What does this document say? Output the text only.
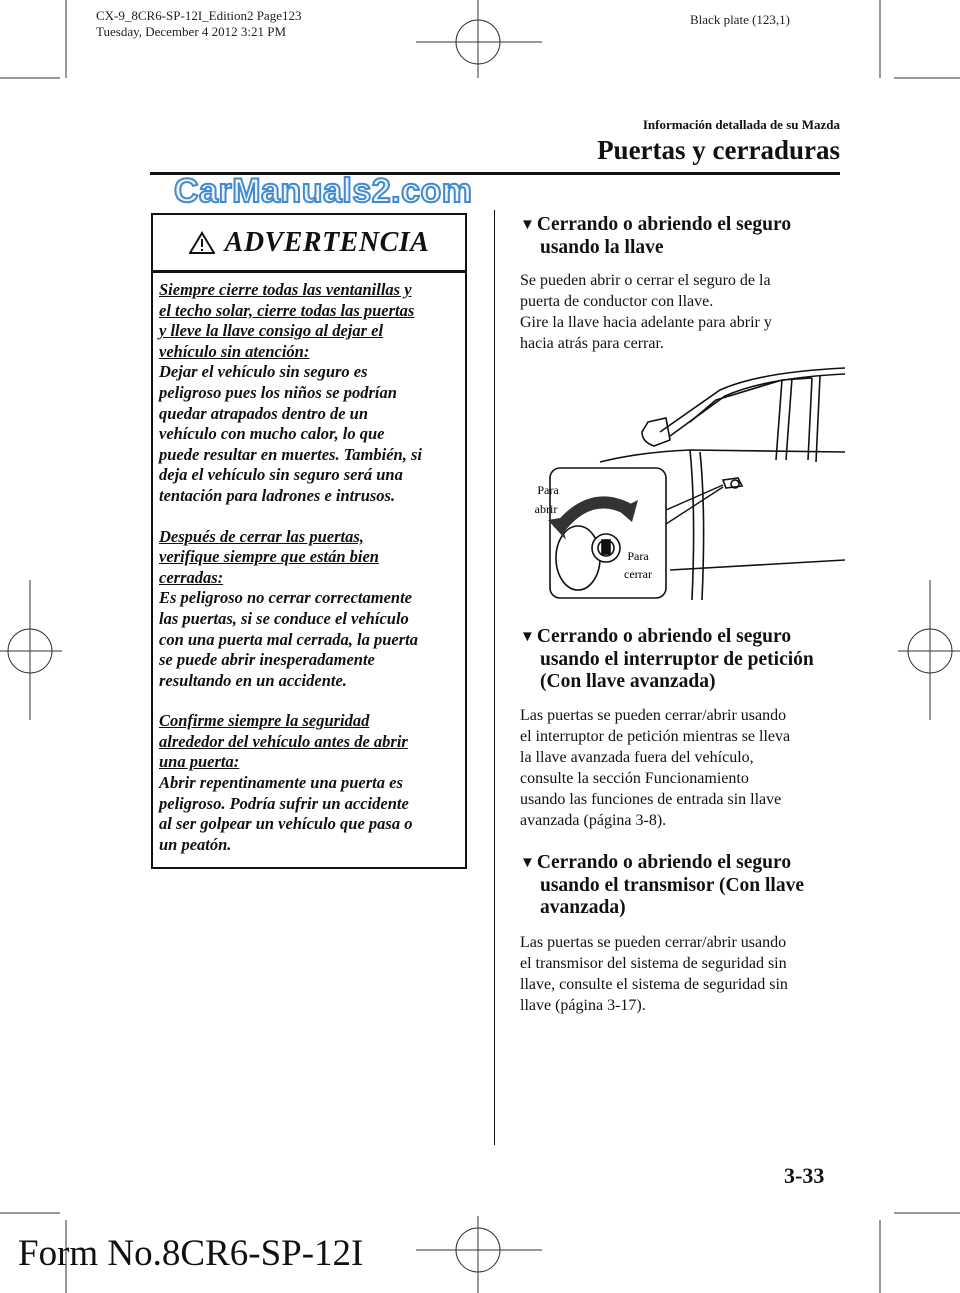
CX-9_8CR6-SP-12I_Edition2 Page123
Tuesday, December 4 2012 3:21 PM
Black plate (123,1)
Información detallada de su Mazda
Puertas y cerraduras
CarManuals2.com
ADVERTENCIA
Siempre cierre todas las ventanillas y
el techo solar, cierre todas las puertas
y lleve la llave consigo al dejar el
vehículo sin atención:
Dejar el vehículo sin seguro es
peligroso pues los niños se podrían
quedar atrapados dentro de un
vehículo con mucho calor, lo que
puede resultar en muertes. También, si
deja el vehículo sin seguro será una
tentación para ladrones e intrusos.
Después de cerrar las puertas,
verifique siempre que están bien
cerradas:
Es peligroso no cerrar correctamente
las puertas, si se conduce el vehículo
con una puerta mal cerrada, la puerta
se puede abrir inesperadamente
resultando en un accidente.
Confirme siempre la seguridad
alrededor del vehículo antes de abrir
una puerta:
Abrir repentinamente una puerta es
peligroso. Podría sufrir un accidente
al ser golpear un vehículo que pasa o
un peatón.
▼ Cerrando o abriendo el seguro
usando la llave
Se pueden abrir o cerrar el seguro de la
puerta de conductor con llave.
Gire la llave hacia adelante para abrir y
hacia atrás para cerrar.
Para
abrir
Para
cerrar
▼ Cerrando o abriendo el seguro
usando el interruptor de petición
(Con llave avanzada)
Las puertas se pueden cerrar/abrir usando
el interruptor de petición mientras se lleva
la llave avanzada fuera del vehículo,
consulte la sección Funcionamiento
usando las funciones de entrada sin llave
avanzada (página 3-8).
▼ Cerrando o abriendo el seguro
usando el transmisor (Con llave
avanzada)
Las puertas se pueden cerrar/abrir usando
el transmisor del sistema de seguridad sin
llave, consulte el sistema de seguridad sin
llave (página 3-17).
3-33
Form No.8CR6-SP-12I
